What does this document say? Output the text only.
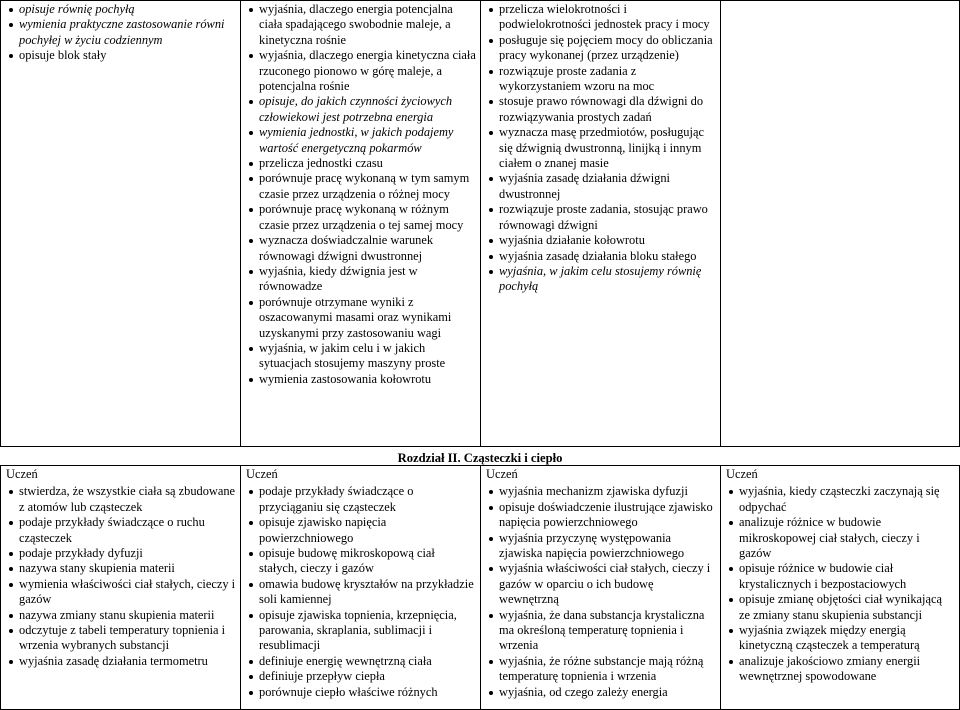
opisuje równię pochyłą
wymienia praktyczne zastosowanie równi pochyłej w życiu codziennym
opisuje blok stały
wyjaśnia, dlaczego energia potencjalna ciała spadającego swobodnie maleje, a kinetyczna rośnie
wyjaśnia, dlaczego energia kinetyczna ciała rzuconego pionowo w górę maleje, a potencjalna rośnie
opisuje, do jakich czynności życiowych człowiekowi jest potrzebna energia
wymienia jednostki, w jakich podajemy wartość energetyczną pokarmów
przelicza jednostki czasu
porównuje pracę wykonaną w tym samym czasie przez urządzenia o różnej mocy
porównuje pracę wykonaną w różnym czasie przez urządzenia o tej samej mocy
wyznacza doświadczalnie warunek równowagi dźwigni dwustronnej
wyjaśnia, kiedy dźwignia jest w równowadze
porównuje otrzymane wyniki z oszacowanymi masami oraz wynikami uzyskanymi przy zastosowaniu wagi
wyjaśnia, w jakim celu i w jakich sytuacjach stosujemy maszyny proste
wymienia zastosowania kołowrotu
przelicza wielokrotności i podwielokrotności jednostek pracy i mocy
posługuje się pojęciem mocy do obliczania pracy wykonanej (przez urządzenie)
rozwiązuje proste zadania z wykorzystaniem wzoru na moc
stosuje prawo równowagi dla dźwigni do rozwiązywania prostych zadań
wyznacza masę przedmiotów, posługując się dźwignią dwustronną, linijką i innym ciałem o znanej masie
wyjaśnia zasadę działania dźwigni dwustronnej
rozwiązuje proste zadania, stosując prawo równowagi dźwigni
wyjaśnia działanie kołowrotu
wyjaśnia zasadę działania bloku stałego
wyjaśnia, w jakim celu stosujemy równię pochyłą
Rozdział II. Cząsteczki i ciepło
Uczeń
stwierdza, że wszystkie ciała są zbudowane z atomów lub cząsteczek
podaje przykłady świadczące o ruchu cząsteczek
podaje przykłady dyfuzji
nazywa stany skupienia materii
wymienia właściwości ciał stałych, cieczy i gazów
nazywa zmiany stanu skupienia materii
odczytuje z tabeli temperatury topnienia i wrzenia wybranych substancji
wyjaśnia zasadę działania termometru
Uczeń
podaje przykłady świadczące o przyciąganiu się cząsteczek
opisuje zjawisko napięcia powierzchniowego
opisuje budowę mikroskopową ciał stałych, cieczy i gazów
omawia budowę kryształów na przykładzie soli kamiennej
opisuje zjawiska topnienia, krzepnięcia, parowania, skraplania, sublimacji i resublimacji
definiuje energię wewnętrzną ciała
definiuje przepływ ciepła
porównuje ciepło właściwe różnych
Uczeń
wyjaśnia mechanizm zjawiska dyfuzji
opisuje doświadczenie ilustrujące zjawisko napięcia powierzchniowego
wyjaśnia przyczynę występowania zjawiska napięcia powierzchniowego
wyjaśnia właściwości ciał stałych, cieczy i gazów w oparciu o ich budowę wewnętrzną
wyjaśnia, że dana substancja krystaliczna ma określoną temperaturę topnienia i wrzenia
wyjaśnia, że różne substancje mają różną temperaturę topnienia i wrzenia
wyjaśnia, od czego zależy energia
Uczeń
wyjaśnia, kiedy cząsteczki zaczynają się odpychać
analizuje różnice w budowie mikroskopowej ciał stałych, cieczy i gazów
opisuje różnice w budowie ciał krystalicznych i bezpostaciowych
opisuje zmianę objętości ciał wynikającą ze zmiany stanu skupienia substancji
wyjaśnia związek między energią kinetyczną cząsteczek a temperaturą
analizuje jakościowo zmiany energii wewnętrznej spowodowane
